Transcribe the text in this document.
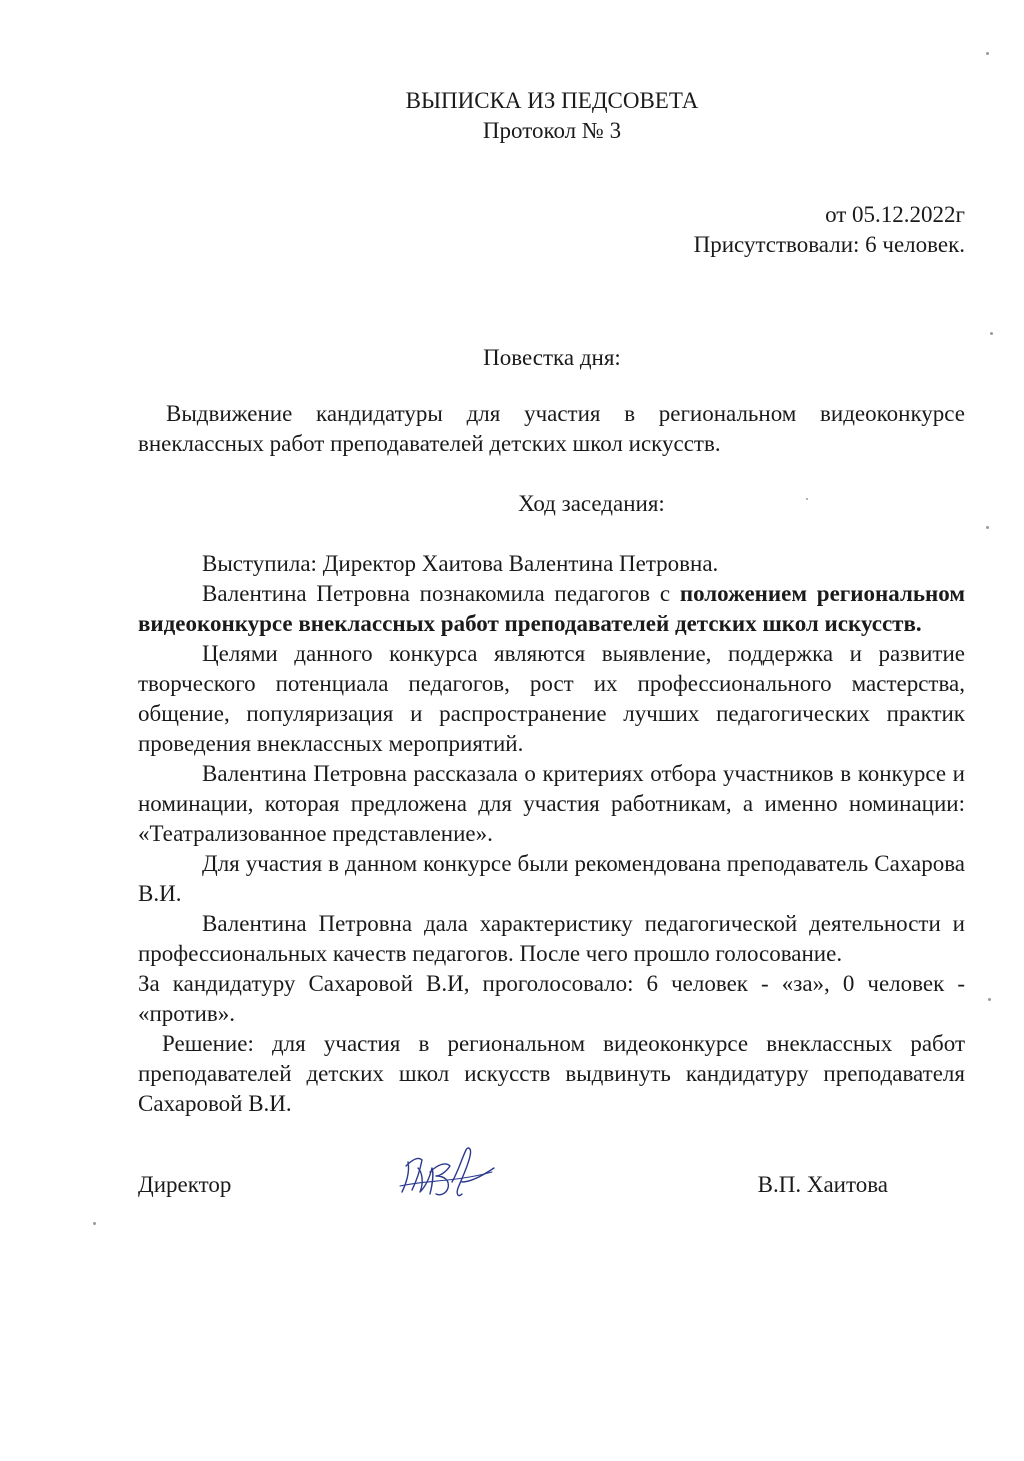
ВЫПИСКА ИЗ ПЕДСОВЕТА
Протокол № 3
от 05.12.2022г
Присутствовали: 6 человек.
Повестка дня:

Выдвижение кандидатуры для участия в региональном видеоконкурсе внеклассных работ преподавателей детских школ искусств.

Ход заседания:

Выступила: Директор Хаитова Валентина Петровна.

Валентина Петровна познакомила педагогов с положением региональном видеоконкурсе внеклассных работ преподавателей детских школ искусств.

Целями данного конкурса являются выявление, поддержка и развитие творческого потенциала педагогов, рост их профессионального мастерства, общение, популяризация и распространение лучших педагогических практик проведения внеклассных мероприятий.

Валентина Петровна рассказала о критериях отбора участников в конкурсе и номинации, которая предложена для участия работникам, а именно номинации: «Театрализованное представление».

Для участия в данном конкурсе были рекомендована преподаватель Сахарова В.И.

Валентина Петровна дала характеристику педагогической деятельности и профессиональных качеств педагогов. После чего прошло голосование.

За кандидатуру Сахаровой В.И, проголосовало: 6 человек - «за», 0 человек - «против».

Решение: для участия в региональном видеоконкурсе внеклассных работ преподавателей детских школ искусств выдвинуть кандидатуру преподавателя Сахаровой В.И.

Директор	В.П. Хаитова
